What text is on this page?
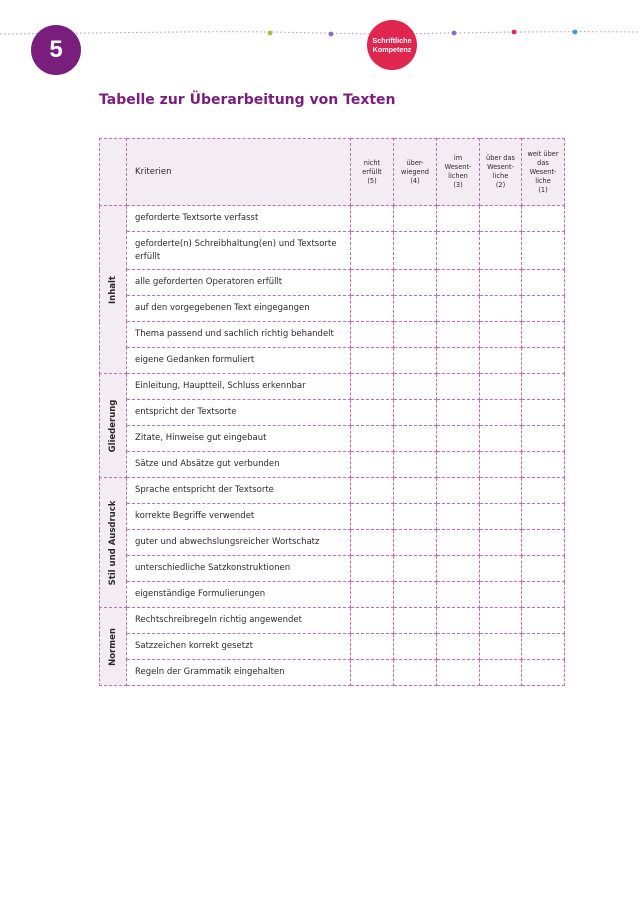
5	Schriftliche
Kompetenz
Tabelle zur Überarbeitung von Texten
	Kriterien	nicht
erfüllt
(5)	über-
wiegend
(4)	im
Wesent-
lichen
(3)	über das
Wesent-
liche
(2)	weit über
das
Wesent-
liche
(1)

Inhalt	geforderte Textsorte verfasst					
	geforderte(n) Schreibhaltung(en) und Textsorte erfüllt					
	alle geforderten Operatoren erfüllt					
	auf den vorgegebenen Text eingegangen					
	Thema passend und sachlich richtig behandelt					
	eigene Gedanken formuliert					

Gliederung	Einleitung, Hauptteil, Schluss erkennbar					
	entspricht der Textsorte					
	Zitate, Hinweise gut eingebaut					
	Sätze und Absätze gut verbunden					

Stil und Ausdruck	Sprache entspricht der Textsorte					
	korrekte Begriffe verwendet					
	guter und abwechslungsreicher Wortschatz					
	unterschiedliche Satzkonstruktionen					
	eigenständige Formulierungen					

Normen	Rechtschreibregeln richtig angewendet					
	Satzzeichen korrekt gesetzt					
	Regeln der Grammatik eingehalten					
